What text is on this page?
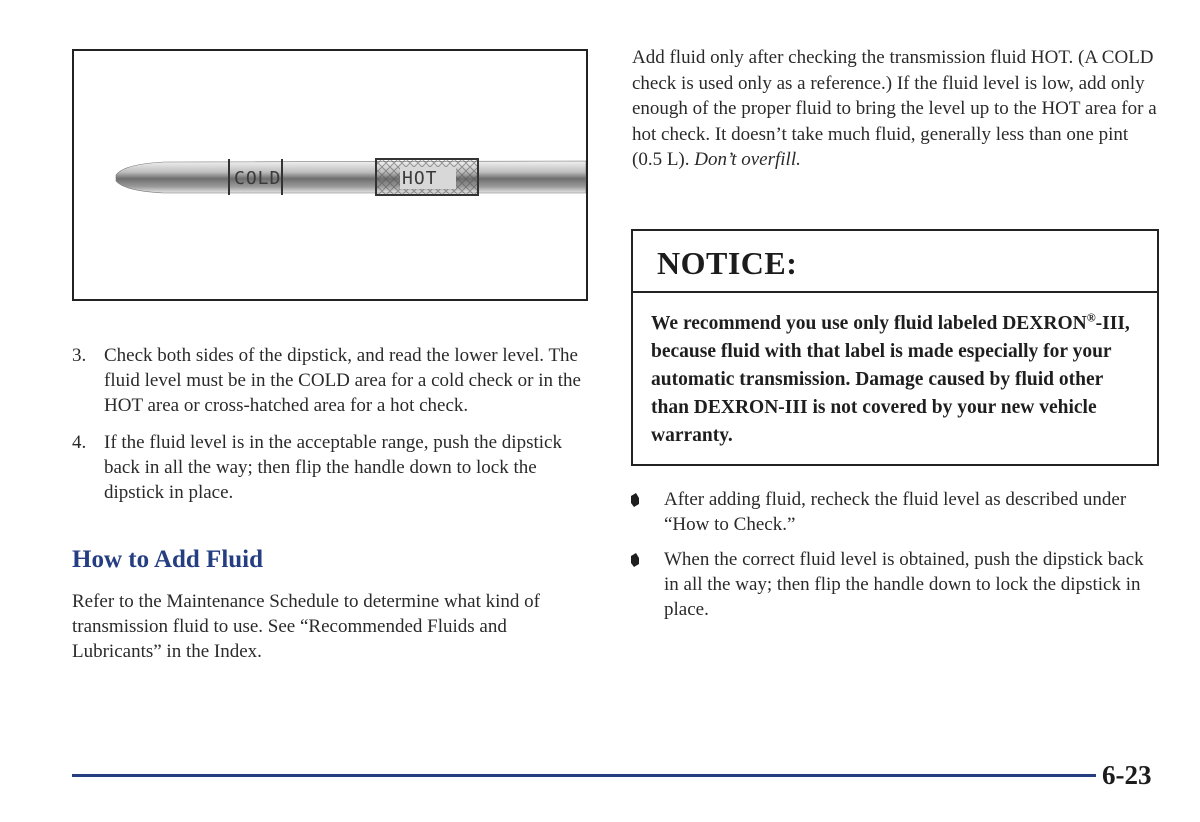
COLD	HOT
3. Check both sides of the dipstick, and read the lower level. The fluid level must be in the COLD area for a cold check or in the HOT area or cross-hatched area for a hot check.
4. If the fluid level is in the acceptable range, push the dipstick back in all the way; then flip the handle down to lock the dipstick in place.
How to Add Fluid

Refer to the Maintenance Schedule to determine what kind of transmission fluid to use. See “Recommended Fluids and Lubricants” in the Index.

Add fluid only after checking the transmission fluid HOT. (A COLD check is used only as a reference.) If the fluid level is low, add only enough of the proper fluid to bring the level up to the HOT area for a hot check. It doesn’t take much fluid, generally less than one pint (0.5 L). Don’t overfill.

NOTICE:
We recommend you use only fluid labeled DEXRON®-III, because fluid with that label is made especially for your automatic transmission. Damage caused by fluid other than DEXRON-III is not covered by your new vehicle warranty.
After adding fluid, recheck the fluid level as described under “How to Check.”
When the correct fluid level is obtained, push the dipstick back in all the way; then flip the handle down to lock the dipstick in place.
6-23
